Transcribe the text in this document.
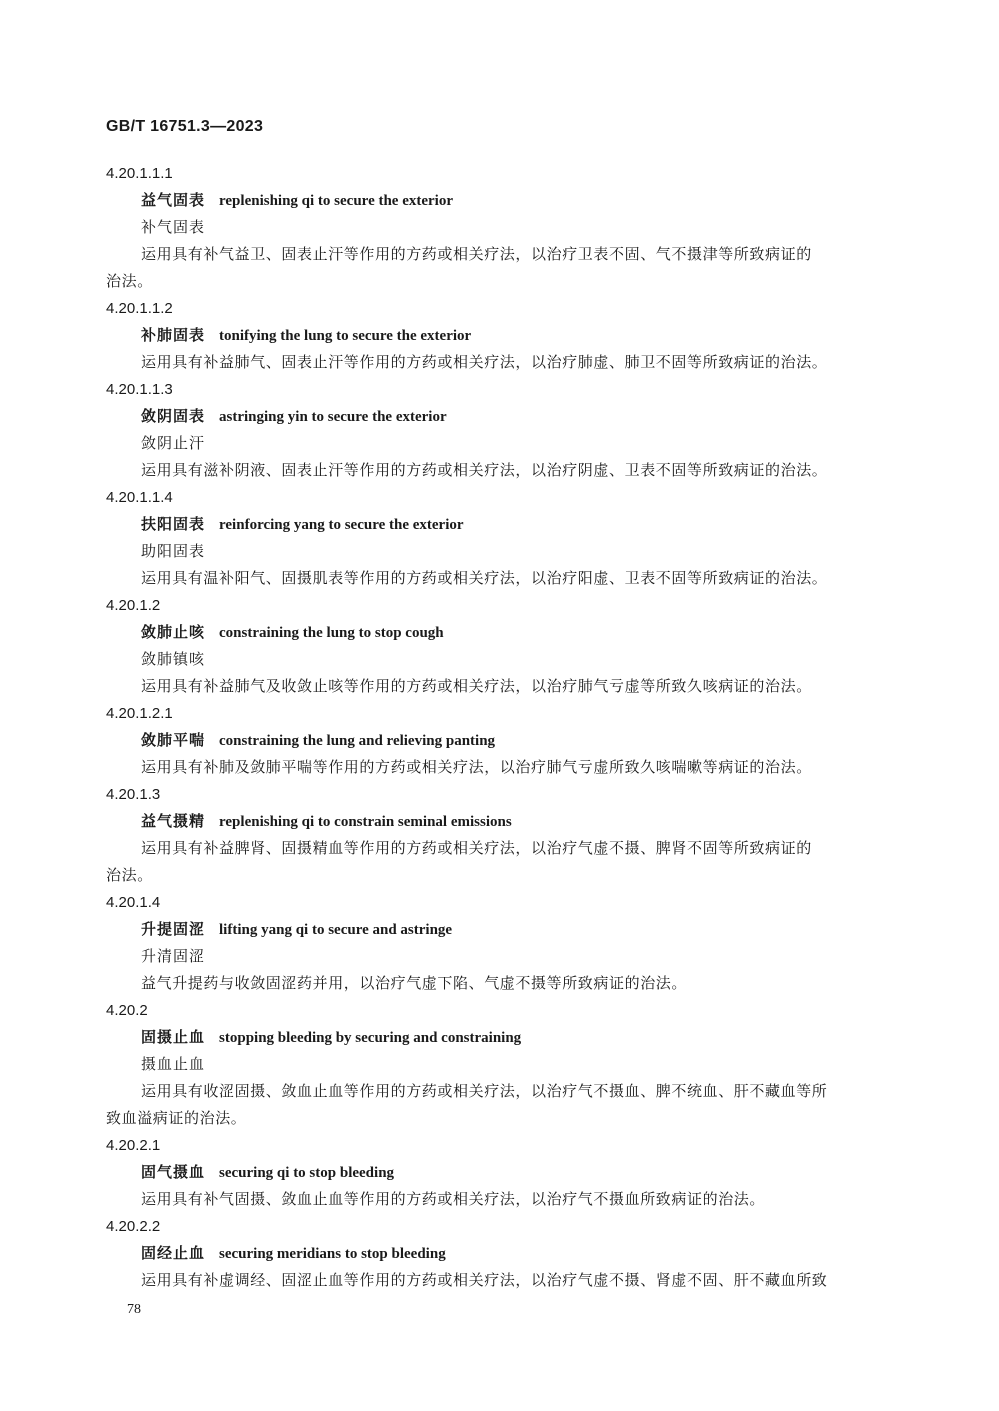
GB/T 16751.3—2023
4.20.1.1.1
益气固表 replenishing qi to secure the exterior
补气固表
运用具有补气益卫、固表止汗等作用的方药或相关疗法，以治疗卫表不固、气不摄津等所致病证的
治法。
4.20.1.1.2
补肺固表 tonifying the lung to secure the exterior
运用具有补益肺气、固表止汗等作用的方药或相关疗法，以治疗肺虚、肺卫不固等所致病证的治法。
4.20.1.1.3
敛阴固表 astringing yin to secure the exterior
敛阴止汗
运用具有滋补阴液、固表止汗等作用的方药或相关疗法，以治疗阴虚、卫表不固等所致病证的治法。
4.20.1.1.4
扶阳固表 reinforcing yang to secure the exterior
助阳固表
运用具有温补阳气、固摄肌表等作用的方药或相关疗法，以治疗阳虚、卫表不固等所致病证的治法。
4.20.1.2
敛肺止咳 constraining the lung to stop cough
敛肺镇咳
运用具有补益肺气及收敛止咳等作用的方药或相关疗法，以治疗肺气亏虚等所致久咳病证的治法。
4.20.1.2.1
敛肺平喘 constraining the lung and relieving panting
运用具有补肺及敛肺平喘等作用的方药或相关疗法，以治疗肺气亏虚所致久咳喘嗽等病证的治法。
4.20.1.3
益气摄精 replenishing qi to constrain seminal emissions
运用具有补益脾肾、固摄精血等作用的方药或相关疗法，以治疗气虚不摄、脾肾不固等所致病证的
治法。
4.20.1.4
升提固涩 lifting yang qi to secure and astringe
升清固涩
益气升提药与收敛固涩药并用，以治疗气虚下陷、气虚不摄等所致病证的治法。
4.20.2
固摄止血 stopping bleeding by securing and constraining
摄血止血
运用具有收涩固摄、敛血止血等作用的方药或相关疗法，以治疗气不摄血、脾不统血、肝不藏血等所
致血溢病证的治法。
4.20.2.1
固气摄血 securing qi to stop bleeding
运用具有补气固摄、敛血止血等作用的方药或相关疗法，以治疗气不摄血所致病证的治法。
4.20.2.2
固经止血 securing meridians to stop bleeding
运用具有补虚调经、固涩止血等作用的方药或相关疗法，以治疗气虚不摄、肾虚不固、肝不藏血所致
78
